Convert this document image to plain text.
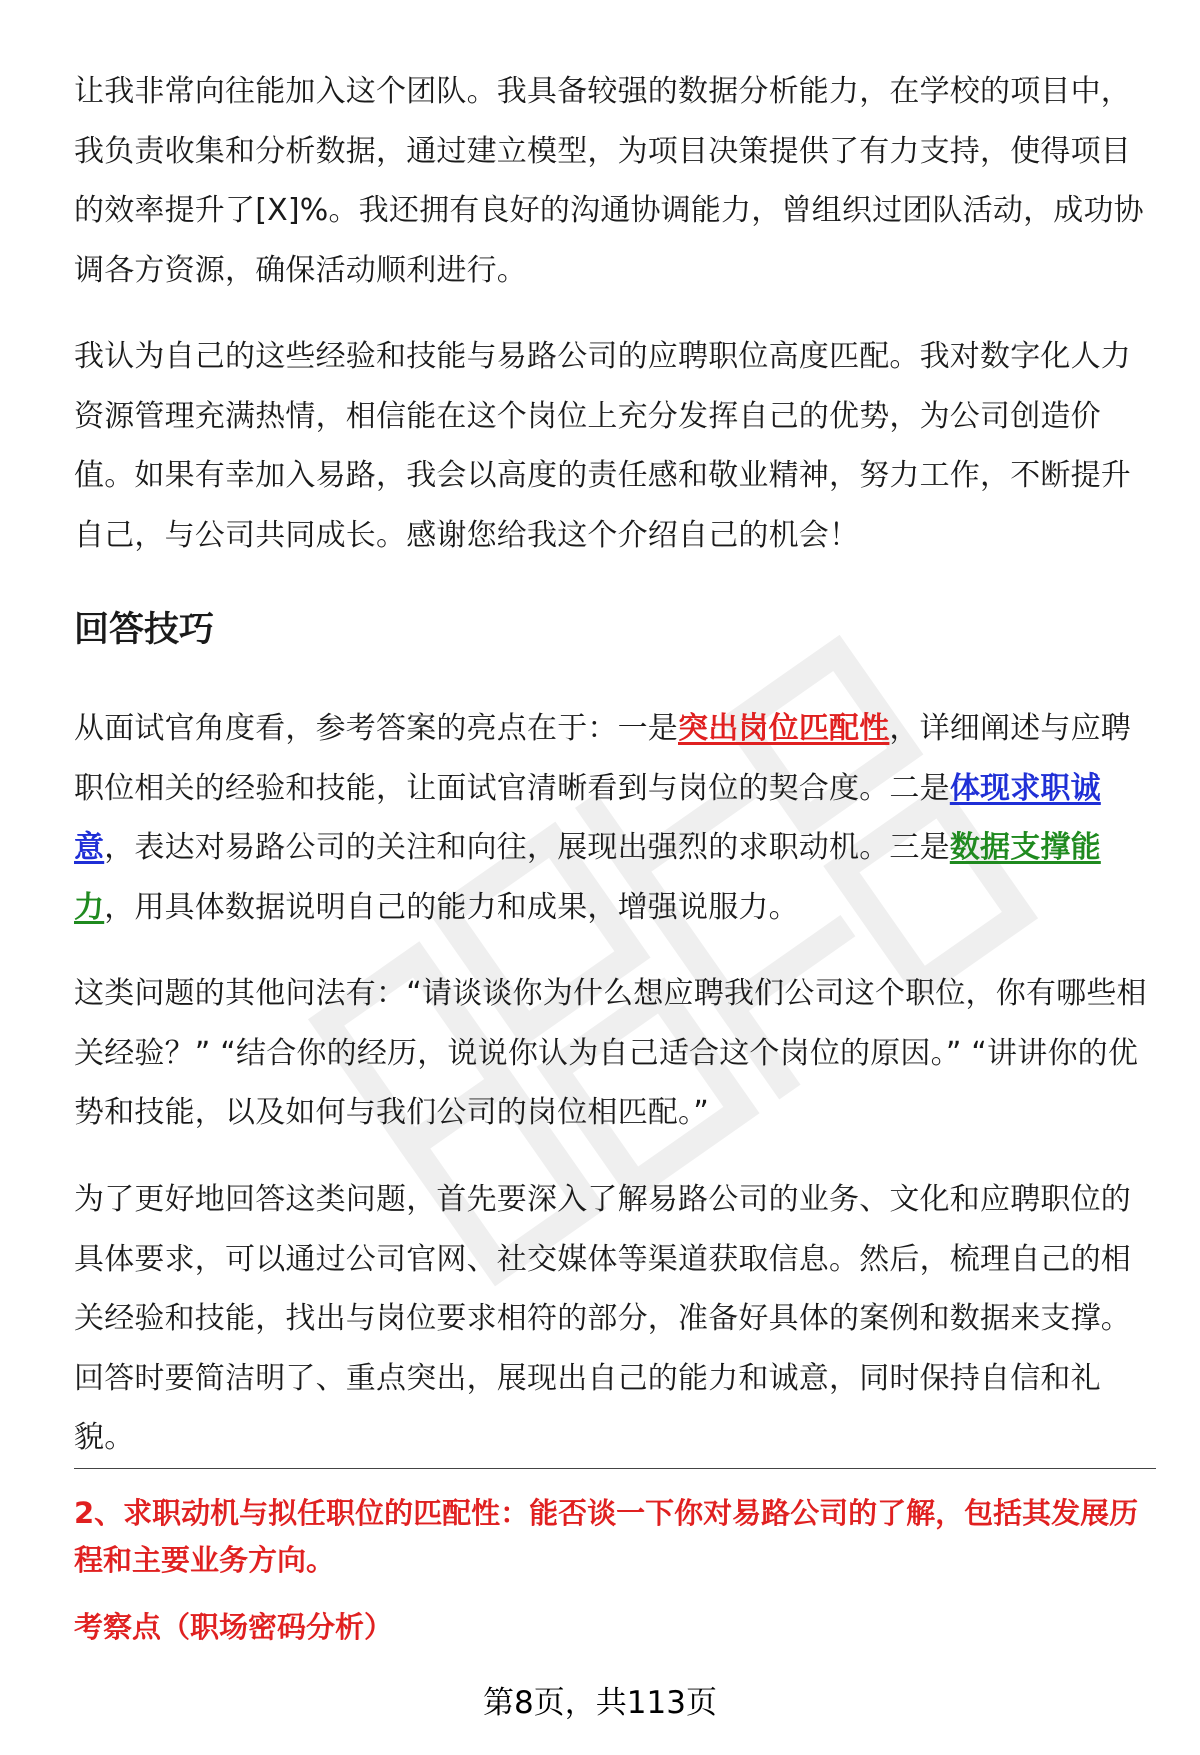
让我非常向往能加入这个团队。我具备较强的数据分析能力，在学校的项目中，我负责收集和分析数据，通过建立模型，为项目决策提供了有力支持，使得项目的效率提升了[X]%。我还拥有良好的沟通协调能力，曾组织过团队活动，成功协调各方资源，确保活动顺利进行。

我认为自己的这些经验和技能与易路公司的应聘职位高度匹配。我对数字化人力资源管理充满热情，相信能在这个岗位上充分发挥自己的优势，为公司创造价值。如果有幸加入易路，我会以高度的责任感和敬业精神，努力工作，不断提升自己，与公司共同成长。感谢您给我这个介绍自己的机会！

回答技巧

从面试官角度看，参考答案的亮点在于：一是突出岗位匹配性，详细阐述与应聘职位相关的经验和技能，让面试官清晰看到与岗位的契合度。二是体现求职诚意，表达对易路公司的关注和向往，展现出强烈的求职动机。三是数据支撑能力，用具体数据说明自己的能力和成果，增强说服力。

这类问题的其他问法有：“请谈谈你为什么想应聘我们公司这个职位，你有哪些相关经验？” “结合你的经历，说说你认为自己适合这个岗位的原因。” “讲讲你的优势和技能，以及如何与我们公司的岗位相匹配。”

为了更好地回答这类问题，首先要深入了解易路公司的业务、文化和应聘职位的具体要求，可以通过公司官网、社交媒体等渠道获取信息。然后，梳理自己的相关经验和技能，找出与岗位要求相符的部分，准备好具体的案例和数据来支撑。回答时要简洁明了、重点突出，展现出自己的能力和诚意，同时保持自信和礼貌。

2、求职动机与拟任职位的匹配性：能否谈一下你对易路公司的了解，包括其发展历程和主要业务方向。

考察点（职场密码分析）

第8页，共113页
